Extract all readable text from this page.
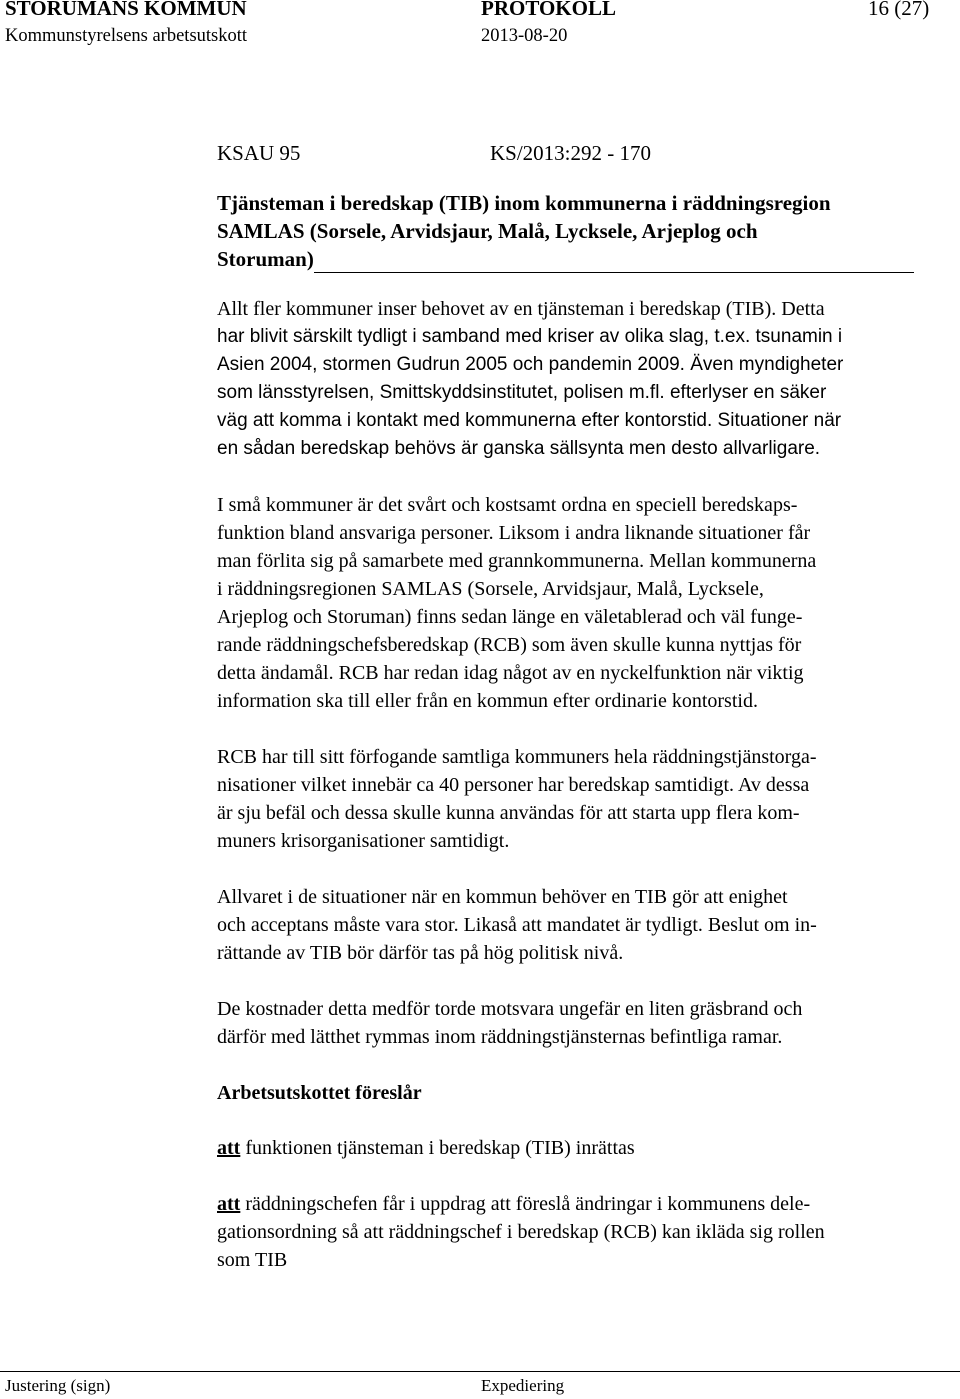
STORUMANS KOMMUN	PROTOKOLL	16 (27)
Kommunstyrelsens arbetsutskott	2013-08-20
KSAU 95	KS/2013:292 - 170
Tjänsteman i beredskap (TIB) inom kommunerna i räddningsregion
SAMLAS (Sorsele, Arvidsjaur, Malå, Lycksele, Arjeplog och
Storuman)

Allt fler kommuner inser behovet av en tjänsteman i beredskap (TIB). Detta

har blivit särskilt tydligt i samband med kriser av olika slag, t.ex. tsunamin i

Asien 2004, stormen Gudrun 2005 och pandemin 2009. Även myndigheter

som länsstyrelsen, Smittskyddsinstitutet, polisen m.fl. efterlyser en säker

väg att komma i kontakt med kommunerna efter kontorstid. Situationer när

en sådan beredskap behövs är ganska sällsynta men desto allvarligare.

I små kommuner är det svårt och kostsamt ordna en speciell beredskaps-

funktion bland ansvariga personer. Liksom i andra liknande situationer får

man förlita sig på samarbete med grannkommunerna. Mellan kommunerna

i räddningsregionen SAMLAS (Sorsele, Arvidsjaur, Malå, Lycksele,

Arjeplog och Storuman) finns sedan länge en väletablerad och väl funge-

rande räddningschefsberedskap (RCB) som även skulle kunna nyttjas för

detta ändamål. RCB har redan idag något av en nyckelfunktion när viktig

information ska till eller från en kommun efter ordinarie kontorstid.

RCB har till sitt förfogande samtliga kommuners hela räddningstjänstorga-

nisationer vilket innebär ca 40 personer har beredskap samtidigt. Av dessa

är sju befäl och dessa skulle kunna användas för att starta upp flera kom-

muners krisorganisationer samtidigt.

Allvaret i de situationer när en kommun behöver en TIB gör att enighet

och acceptans måste vara stor. Likaså att mandatet är tydligt. Beslut om in-

rättande av TIB bör därför tas på hög politisk nivå.

De kostnader detta medför torde motsvara ungefär en liten gräsbrand och

därför med lätthet rymmas inom räddningstjänsternas befintliga ramar.

Arbetsutskottet föreslår

att funktionen tjänsteman i beredskap (TIB) inrättas

att räddningschefen får i uppdrag att föreslå ändringar i kommunens dele-

gationsordning så att räddningschef i beredskap (RCB) kan ikläda sig rollen

som TIB

Justering (sign)	Expediering
